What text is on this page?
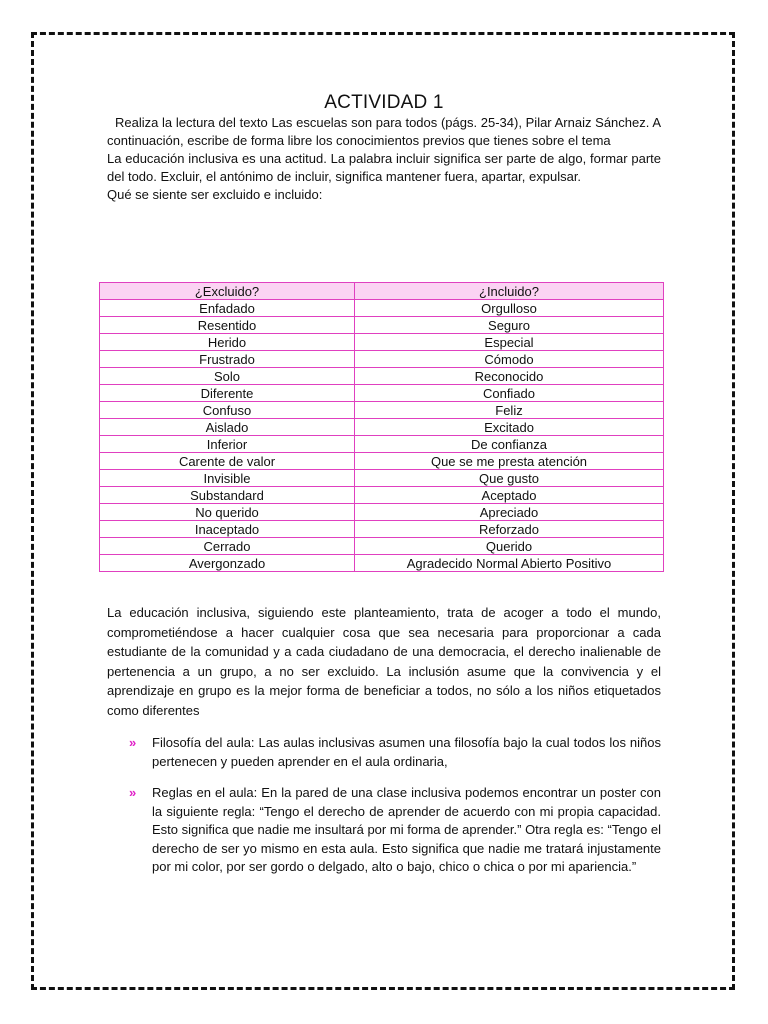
ACTIVIDAD 1

Realiza la lectura del texto Las escuelas son para todos (págs. 25-34), Pilar Arnaiz Sánchez. A continuación, escribe de forma libre los conocimientos previos que tienes sobre el tema

La educación inclusiva es una actitud. La palabra incluir significa ser parte de algo, formar parte del todo. Excluir, el antónimo de incluir, significa mantener fuera, apartar, expulsar.

Qué se siente ser excluido e incluido:

¿Excluido?	¿Incluido?
Enfadado	Orgulloso
Resentido	Seguro
Herido	Especial
Frustrado	Cómodo
Solo	Reconocido
Diferente	Confiado
Confuso	Feliz
Aislado	Excitado
Inferior	De confianza
Carente de valor	Que se me presta atención
Invisible	Que gusto
Substandard	Aceptado
No querido	Apreciado
Inaceptado	Reforzado
Cerrado	Querido
Avergonzado	Agradecido Normal Abierto Positivo

La educación inclusiva, siguiendo este planteamiento, trata de acoger a todo el mundo, comprometiéndose a hacer cualquier cosa que sea necesaria para proporcionar a cada estudiante de la comunidad y a cada ciudadano de una democracia, el derecho inalienable de pertenencia a un grupo, a no ser excluido. La inclusión asume que la convivencia y el aprendizaje en grupo es la mejor forma de beneficiar a todos, no sólo a los niños etiquetados como diferentes

» Filosofía del aula: Las aulas inclusivas asumen una filosofía bajo la cual todos los niños pertenecen y pueden aprender en el aula ordinaria,
» Reglas en el aula: En la pared de una clase inclusiva podemos encontrar un poster con la siguiente regla: “Tengo el derecho de aprender de acuerdo con mi propia capacidad. Esto significa que nadie me insultará por mi forma de aprender.” Otra regla es: “Tengo el derecho de ser yo mismo en esta aula. Esto significa que nadie me tratará injustamente por mi color, por ser gordo o delgado, alto o bajo, chico o chica o por mi apariencia.”
